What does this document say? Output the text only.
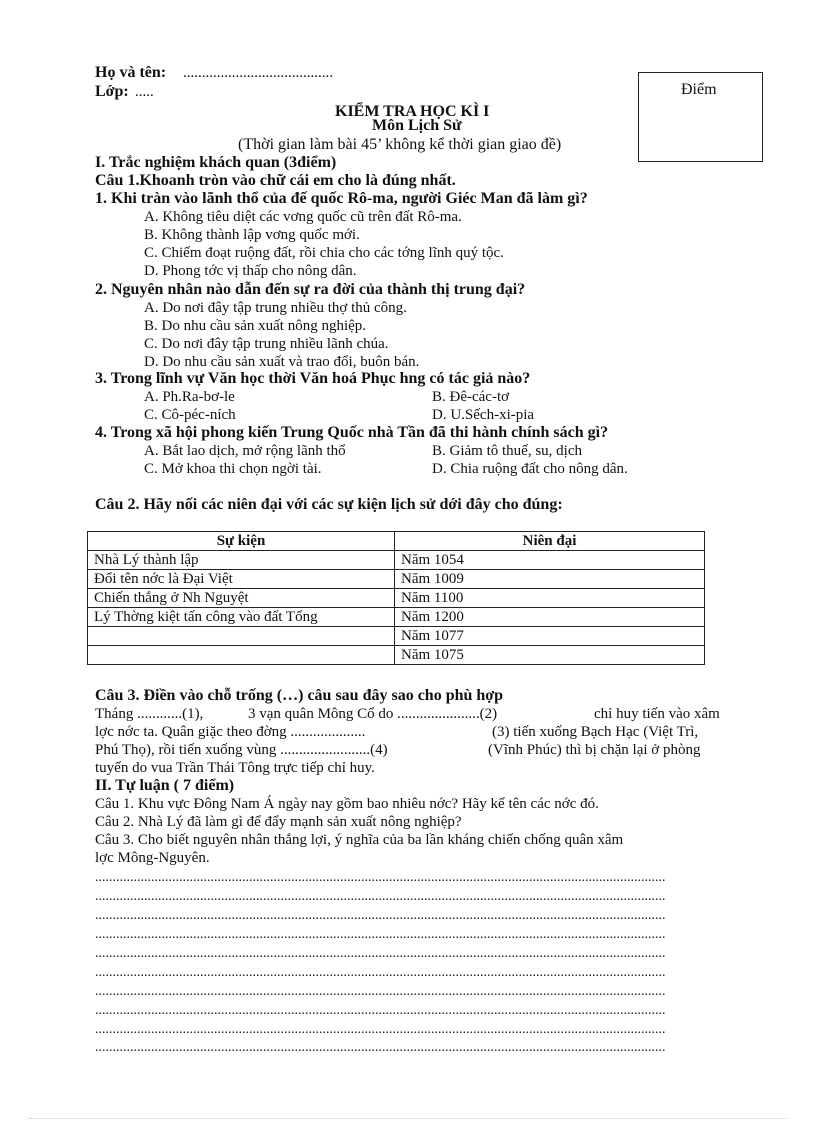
Họ và tên: ........................................
Lớp: .....	Điểm
KIỂM TRA HỌC KÌ I
Môn Lịch Sử
(Thời gian làm bài 45’ không kể thời gian giao đề)
I. Trắc nghiệm khách quan (3điểm)
Câu 1.Khoanh tròn vào chữ cái em cho là đúng nhất.
1. Khi tràn vào lãnh thổ của đế quốc Rô-ma, người Giéc Man đã làm gì?
A. Không tiêu diệt các vơng quốc cũ trên đất Rô-ma.
B. Không thành lập vơng quốc mới.
C. Chiếm đoạt ruộng đất, rồi chia cho các tớng lĩnh quý tộc.
D. Phong tớc vị thấp cho nông dân.
2. Nguyên nhân nào dẫn đến sự ra đời của thành thị trung đại?
A. Do nơi đây tập trung nhiều thợ thủ công.
B. Do nhu cầu sản xuất nông nghiệp.
C. Do nơi đây tập trung nhiều lãnh chúa.
D. Do nhu cầu sản xuất và trao đổi, buôn bán.
3. Trong lĩnh vự Văn học thời Văn hoá Phục hng có tác giả nào?
A. Ph.Ra-bơ-le	B. Đê-các-tơ
C. Cô-péc-ních	D. U.Sếch-xi-pia
4. Trong xã hội phong kiến Trung Quốc nhà Tần đã thi hành chính sách gì?
A. Bắt lao dịch, mở rộng lãnh thổ	B. Giảm tô thuế, su, dịch
C. Mở khoa thi chọn ngời tài.	D. Chia ruộng đất cho nông dân.
Câu 2. Hãy nối các niên đại với các sự kiện lịch sử dới đây cho đúng:
Sự kiện	Niên đại
Nhà Lý thành lập	Năm 1054
Đổi tên nớc là Đại Việt	Năm 1009
Chiến thắng ở Nh Nguyệt	Năm 1100
Lý Thờng kiệt tấn công vào đất Tống	Năm 1200
	Năm 1077
	Năm 1075
Câu 3. Điền vào chỗ trống (…) câu sau đây sao cho phù hợp
Tháng ............(1),	3 vạn quân Mông Cổ do ......................(2)	chỉ huy tiến vào xâm
lợc nớc ta. Quân giặc theo đờng ....................	(3) tiến xuống Bạch Hạc (Việt Trì,
Phú Thọ), rồi tiến xuống vùng ........................(4)	(Vĩnh Phúc) thì bị chặn lại ở phòng
tuyến do vua Trần Thái Tông trực tiếp chỉ huy.
II. Tự luận ( 7 điểm)
Câu 1. Khu vực Đông Nam Á ngày nay gồm bao nhiêu nớc? Hãy kể tên các nớc đó.
Câu 2. Nhà Lý đã làm gì để đẩy mạnh sản xuất nông nghiệp?
Câu 3. Cho biết nguyên nhân thắng lợi, ý nghĩa của ba lần kháng chiến chống quân xâm
lợc Mông-Nguyên.
...................................................................................................................................................................
...................................................................................................................................................................
...................................................................................................................................................................
...................................................................................................................................................................
...................................................................................................................................................................
...................................................................................................................................................................
...................................................................................................................................................................
...................................................................................................................................................................
...................................................................................................................................................................
...................................................................................................................................................................
